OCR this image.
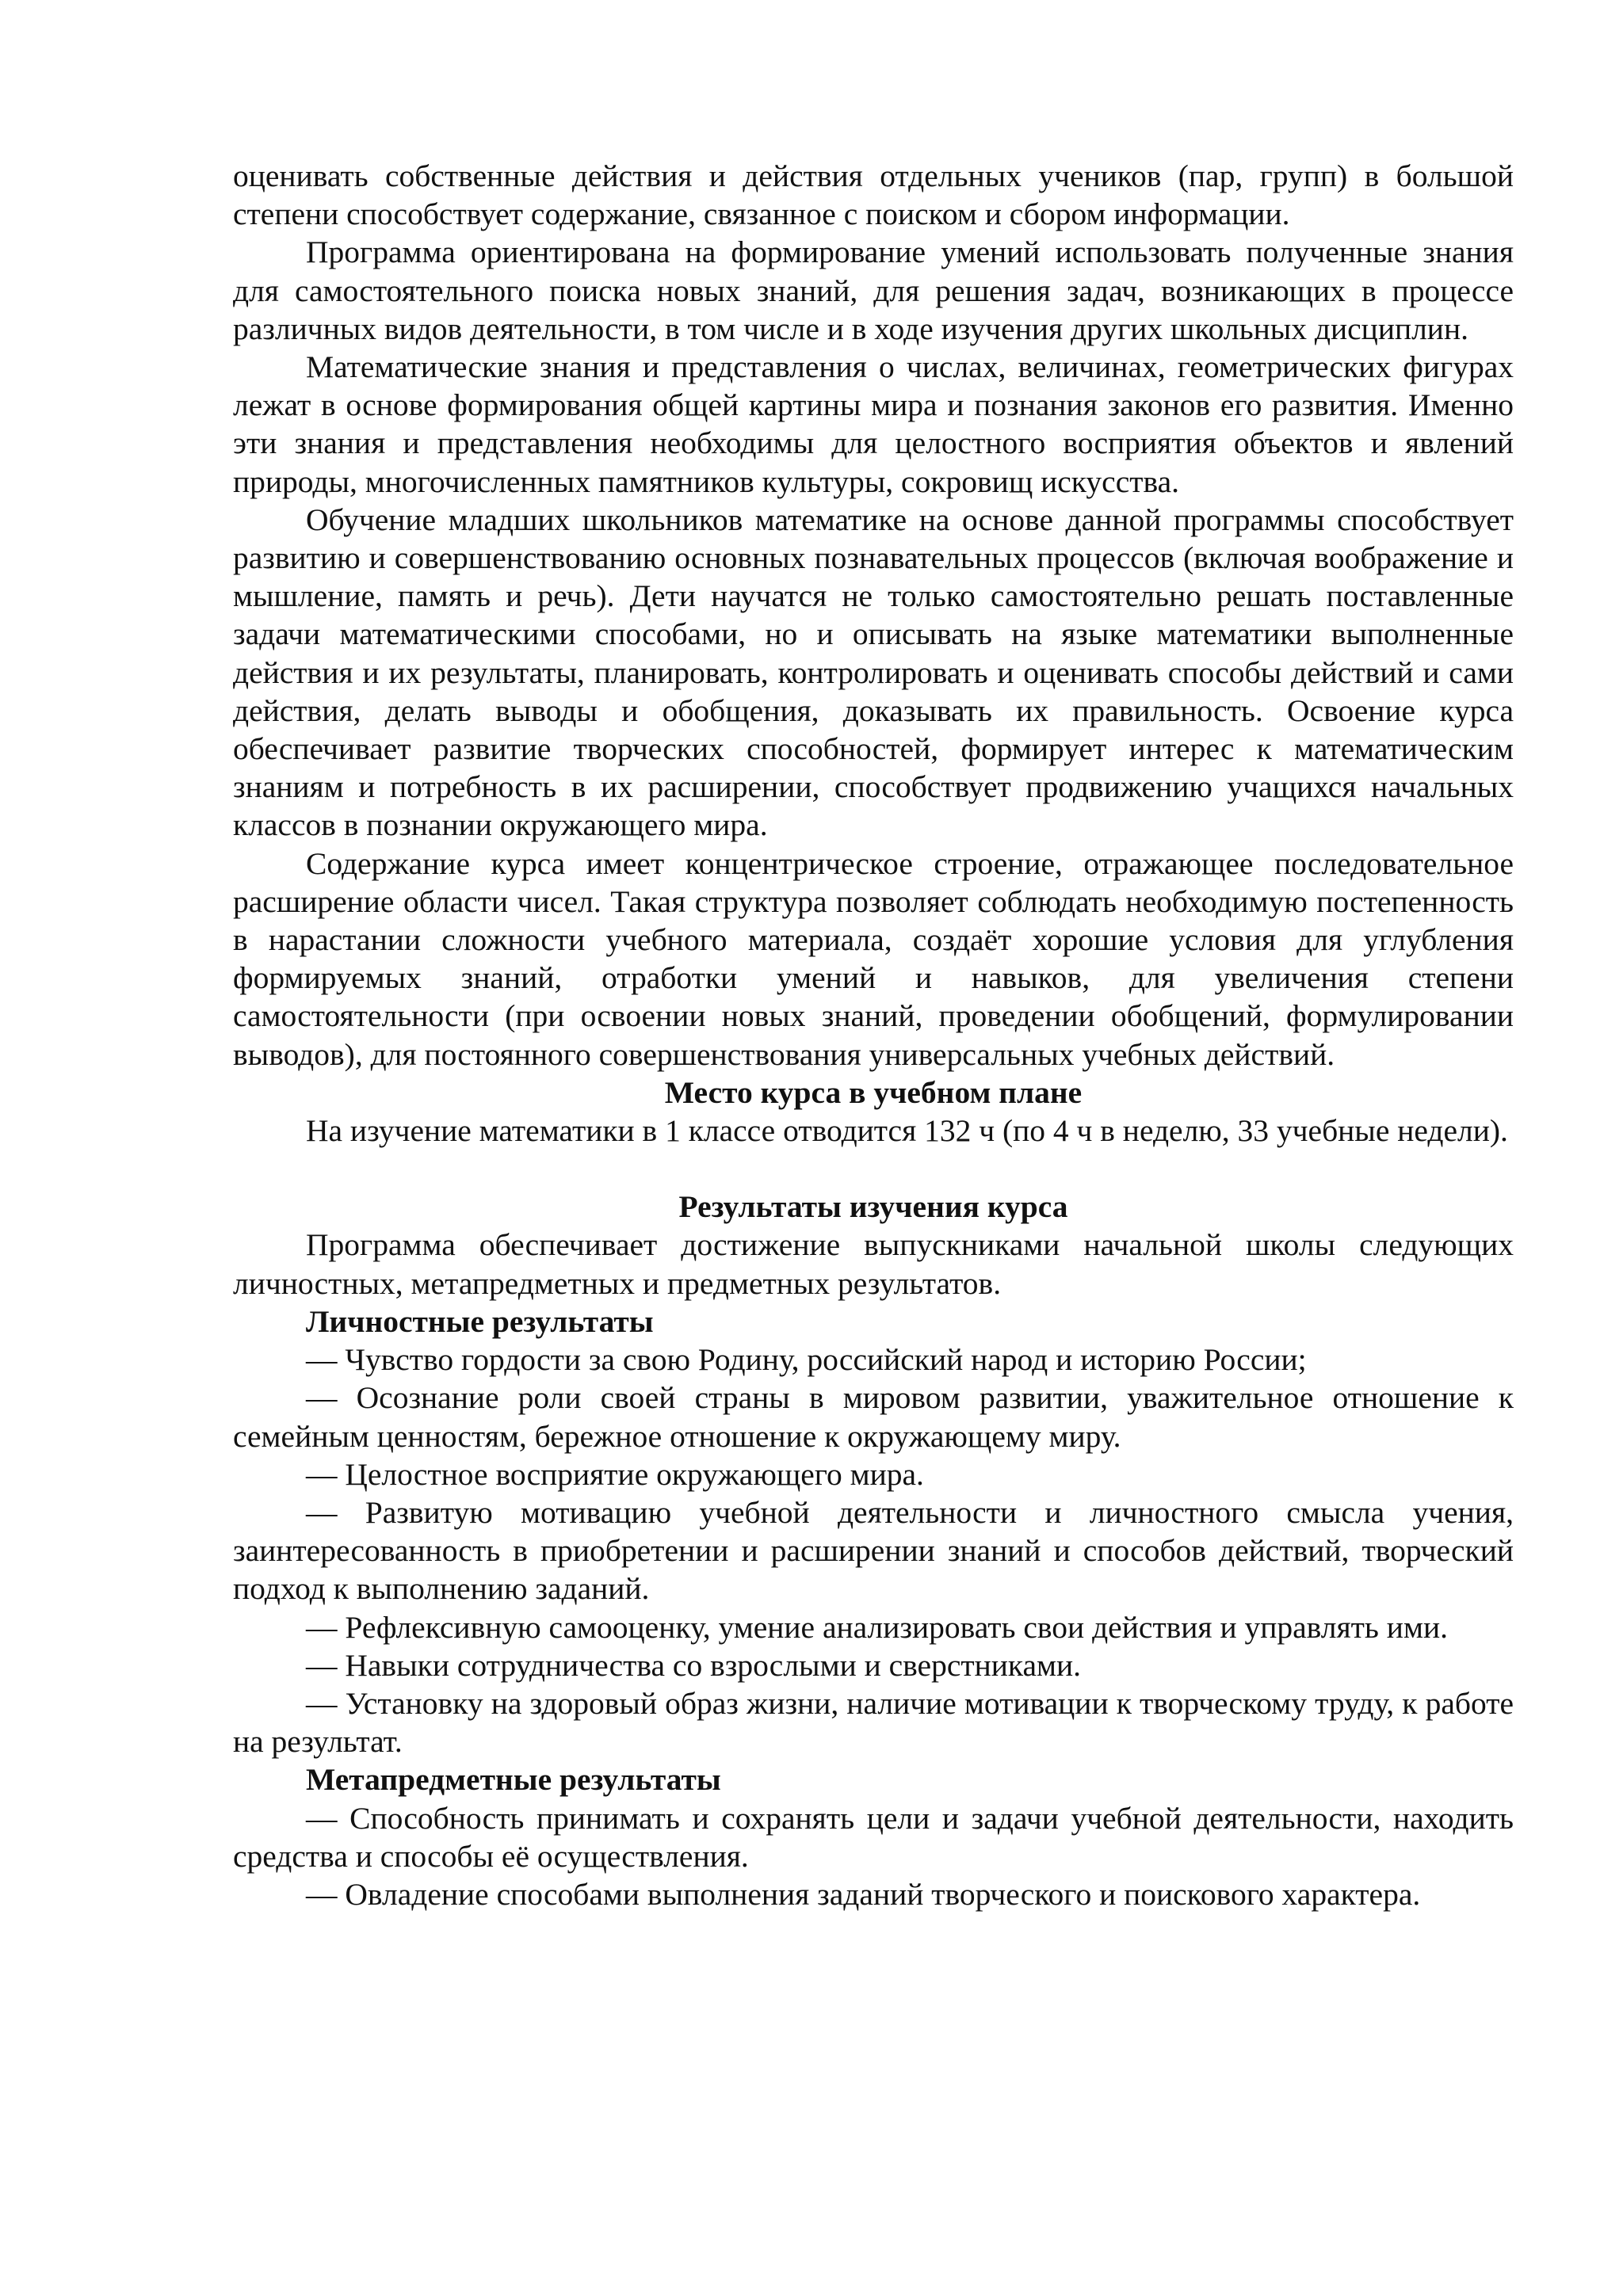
оценивать собственные действия и действия отдельных учеников (пар, групп) в большой степени способствует содержание, связанное с поиском и сбором информации.

Программа ориентирована на формирование умений использовать полученные знания для самостоятельного поиска новых знаний, для решения задач, возникающих в процессе различных видов деятельности, в том числе и в ходе изучения других школьных дисциплин.

Математические знания и представления о числах, величинах, геометрических фигурах лежат в основе формирования общей картины мира и познания законов его развития. Именно эти знания и представления необходимы для целостного восприятия объектов и явлений природы, многочисленных памятников культуры, сокровищ искусства.

Обучение младших школьников математике на основе данной программы способствует развитию и совершенствованию основных познавательных процессов (включая воображение и мышление, память и речь). Дети научатся не только самостоятельно решать поставленные задачи математическими способами, но и описывать на языке математики выполненные действия и их результаты, планировать, контролировать и оценивать способы действий и сами действия, делать выводы и обобщения, доказывать их правильность. Освоение курса обеспечивает развитие творческих способностей, формирует интерес к математическим знаниям и потребность в их расширении, способствует продвижению учащихся начальных классов в познании окружающего мира.

Содержание курса имеет концентрическое строение, отражающее последовательное расширение области чисел. Такая структура позволяет соблюдать необходимую постепенность в нарастании сложности учебного материала, создаёт хорошие условия для углубления формируемых знаний, отработки умений и навыков, для увеличения степени самостоятельности (при освоении новых знаний, проведении обобщений, формулировании выводов), для постоянного совершенствования универсальных учебных действий.

Место курса в учебном плане

На изучение математики в 1 классе отводится 132 ч (по 4 ч в неделю, 33 учебные недели).

Результаты изучения курса

Программа обеспечивает достижение выпускниками начальной школы следующих личностных, метапредметных и предметных результатов.

Личностные результаты

— Чувство гордости за свою Родину, российский народ и историю России;

— Осознание роли своей страны в мировом развитии, уважительное отношение к семейным ценностям, бережное отношение к окружающему миру.

— Целостное восприятие окружающего мира.

— Развитую мотивацию учебной деятельности и личностного смысла учения, заинтересованность в приобретении и расширении знаний и способов действий, творческий подход к выполнению заданий.

— Рефлексивную самооценку, умение анализировать свои действия и управлять ими.

— Навыки сотрудничества со взрослыми и сверстниками.

— Установку на здоровый образ жизни, наличие мотивации к творческому труду, к работе на результат.

Метапредметные результаты

— Способность принимать и сохранять цели и задачи учебной деятельности, находить средства и способы её осуществления.

— Овладение способами выполнения заданий творческого и поискового характера.
